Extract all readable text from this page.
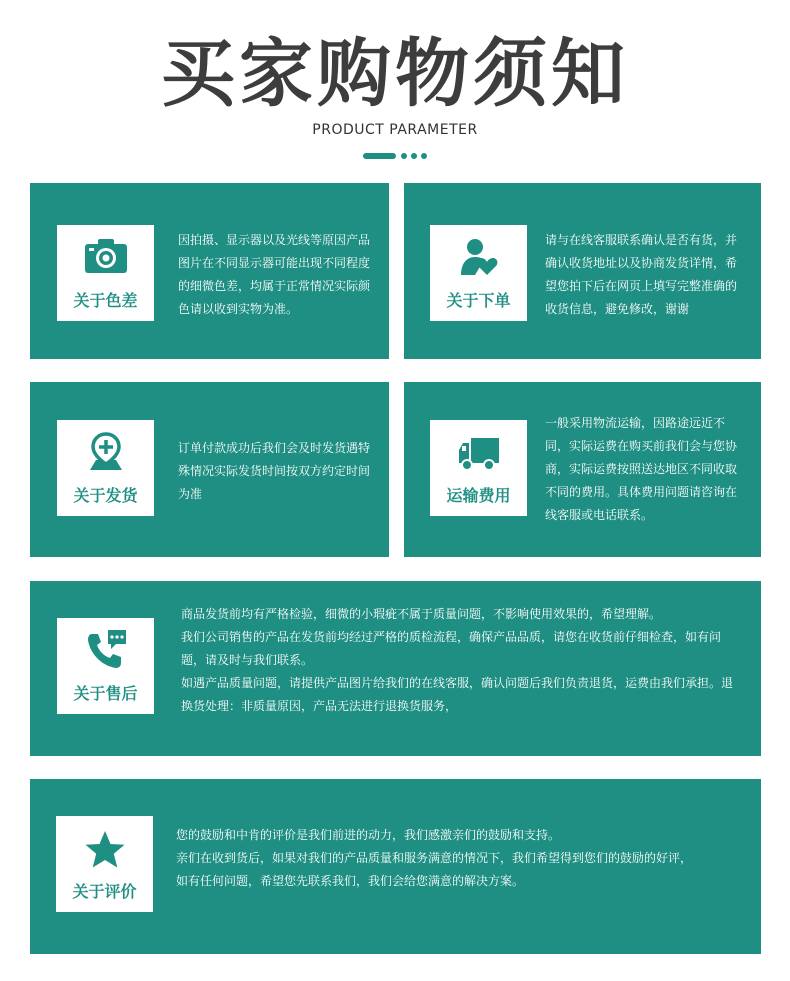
买家购物须知
PRODUCT PARAMETER
关于色差
因拍摄、显示器以及光线等原因产品图片在不同显示器可能出现不同程度的细微色差，均属于正常情况实际颜色请以收到实物为准。	关于下单
请与在线客服联系确认是否有货，并确认收货地址以及协商发货详情，希望您拍下后在网页上填写完整准确的收货信息，避免修改，谢谢
关于发货
订单付款成功后我们会及时发货遇特殊情况实际发货时间按双方约定时间为准	运输费用
一般采用物流运输，因路途远近不同，实际运费在购买前我们会与您协商，实际运费按照送达地区不同收取不同的费用。具体费用问题请咨询在线客服或电话联系。
关于售后

商品发货前均有严格检验，细微的小瑕疵不属于质量问题，不影响使用效果的，希望理解。

我们公司销售的产品在发货前均经过严格的质检流程，确保产品品质，请您在收货前仔细检查，如有问题，请及时与我们联系。

如遇产品质量问题，请提供产品图片给我们的在线客服，确认问题后我们负责退货，运费由我们承担。退换货处理：非质量原因，产品无法进行退换货服务，

关于评价

您的鼓励和中肯的评价是我们前进的动力，我们感激亲们的鼓励和支持。

亲们在收到货后，如果对我们的产品质量和服务满意的情况下，我们希望得到您们的鼓励的好评，

如有任何问题，希望您先联系我们，我们会给您满意的解决方案。
